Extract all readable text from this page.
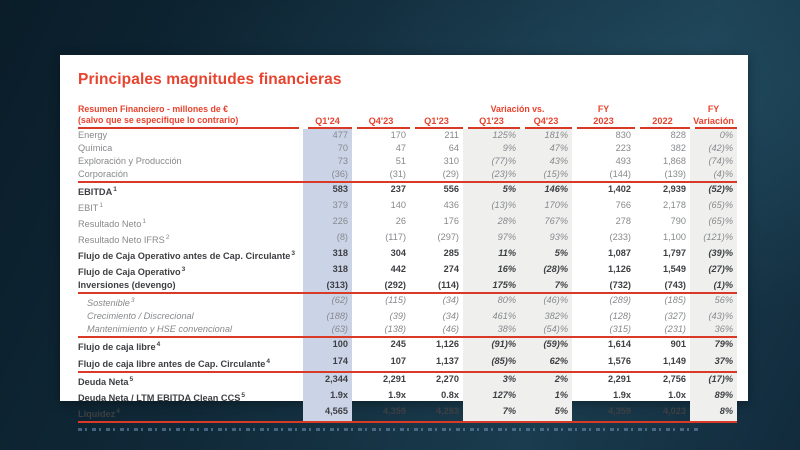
Principales magnitudes financieras
Resumen Financiero - millones de €
(salvo que se especifique lo contrario)
Variación vs.	FY	FY
Q1'24	Q4'23	Q1'23	Q1'23	Q4'23	2023	2022	Variación
Energy	477	170	211	125%	181%	830	828	0%
Química	70	47	64	9%	47%	223	382	(42)%
Exploración y Producción	73	51	310	(77)%	43%	493	1,868	(74)%
Corporación	(36)	(31)	(29)	(23)%	(15)%	(144)	(139)	(4)%
EBITDA$^1$	583	237	556	5%	146%	1,402	2,939	(52)%
EBIT$^1$	379	140	436	(13)%	170%	766	2,178	(65)%
Resultado Neto$^1$	226	26	176	28%	767%	278	790	(65)%
Resultado Neto IFRS$^2$	(8)	(117)	(297)	97%	93%	(233)	1,100	(121)%
Flujo de Caja Operativo antes de Cap. Circulante$^3$	318	304	285	11%	5%	1,087	1,797	(39)%
Flujo de Caja Operativo$^3$	318	442	274	16%	(28)%	1,126	1,549	(27)%
Inversiones (devengo)	(313)	(292)	(114)	175%	7%	(732)	(743)	(1)%
Sostenible$^3$	(62)	(115)	(34)	80%	(46)%	(289)	(185)	56%
Crecimiento / Discrecional	(188)	(39)	(34)	461%	382%	(128)	(327)	(43)%
Mantenimiento y HSE convencional	(63)	(138)	(46)	38%	(54)%	(315)	(231)	36%
Flujo de caja libre$^4$	100	245	1,126	(91)%	(59)%	1,614	901	79%
Flujo de caja libre antes de Cap. Circulante$^4$	174	107	1,137	(85)%	62%	1,576	1,149	37%
Deuda Neta$^5$	2,344	2,291	2,270	3%	2%	2,291	2,756	(17)%
Deuda Neta / LTM EBITDA Clean CCS$^5$	1.9x	1.9x	0.8x	127%	1%	1.9x	1.0x	89%
Liquidez$^4$	4,565	4,359	4,283	7%	5%	4,359	4,023	8%
